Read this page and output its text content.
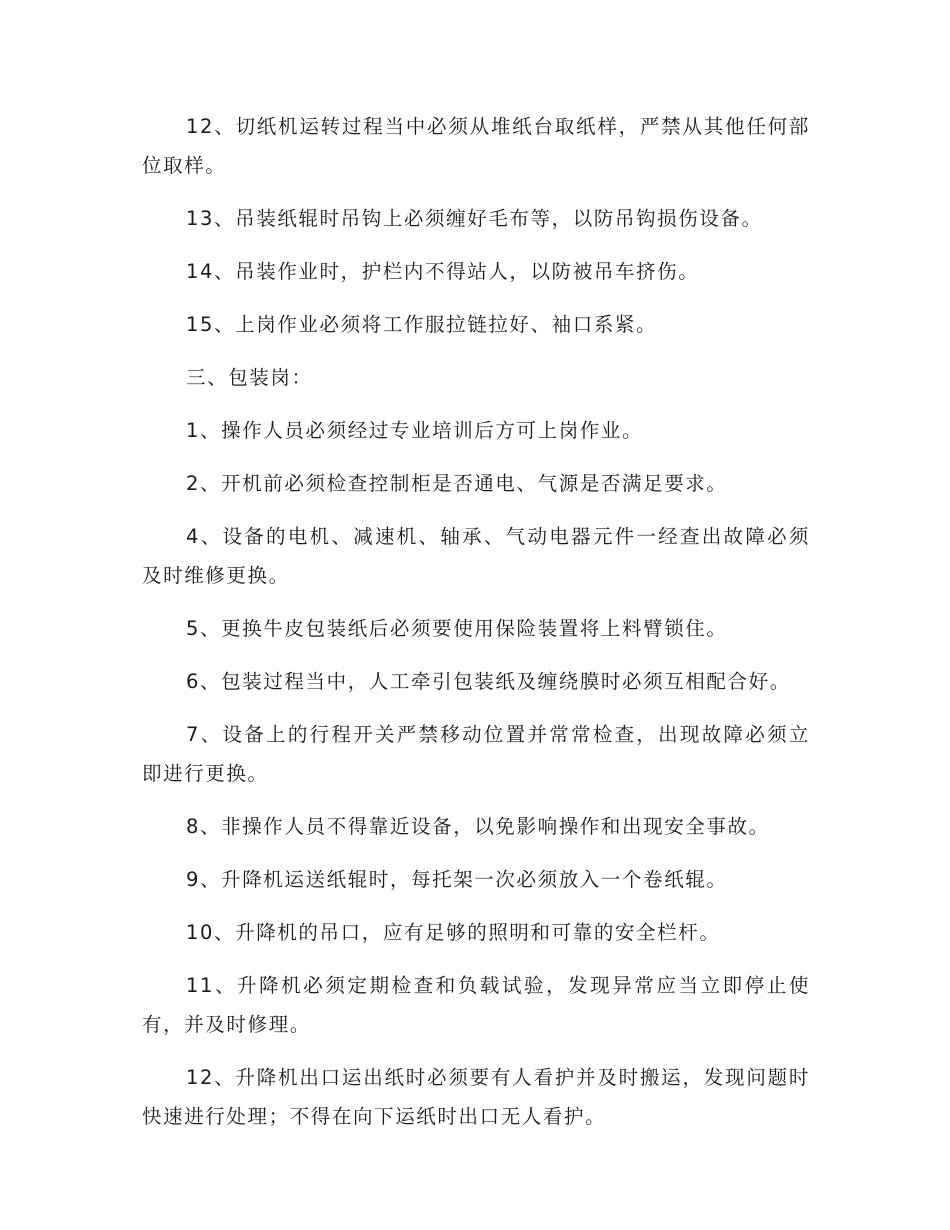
12、切纸机运转过程当中必须从堆纸台取纸样，严禁从其他任何部位取样。

13、吊装纸辊时吊钩上必须缠好毛布等，以防吊钩损伤设备。

14、吊装作业时，护栏内不得站人，以防被吊车挤伤。

15、上岗作业必须将工作服拉链拉好、袖口系紧。

三、包装岗：

1、操作人员必须经过专业培训后方可上岗作业。

2、开机前必须检查控制柜是否通电、气源是否满足要求。

4、设备的电机、减速机、轴承、气动电器元件一经查出故障必须及时维修更换。

5、更换牛皮包装纸后必须要使用保险装置将上料臂锁住。

6、包装过程当中，人工牵引包装纸及缠绕膜时必须互相配合好。

7、设备上的行程开关严禁移动位置并常常检查，出现故障必须立即进行更换。

8、非操作人员不得靠近设备，以免影响操作和出现安全事故。

9、升降机运送纸辊时，每托架一次必须放入一个卷纸辊。

10、升降机的吊口，应有足够的照明和可靠的安全栏杆。

11、升降机必须定期检查和负载试验，发现异常应当立即停止使有，并及时修理。

12、升降机出口运出纸时必须要有人看护并及时搬运，发现问题时快速进行处理；不得在向下运纸时出口无人看护。
